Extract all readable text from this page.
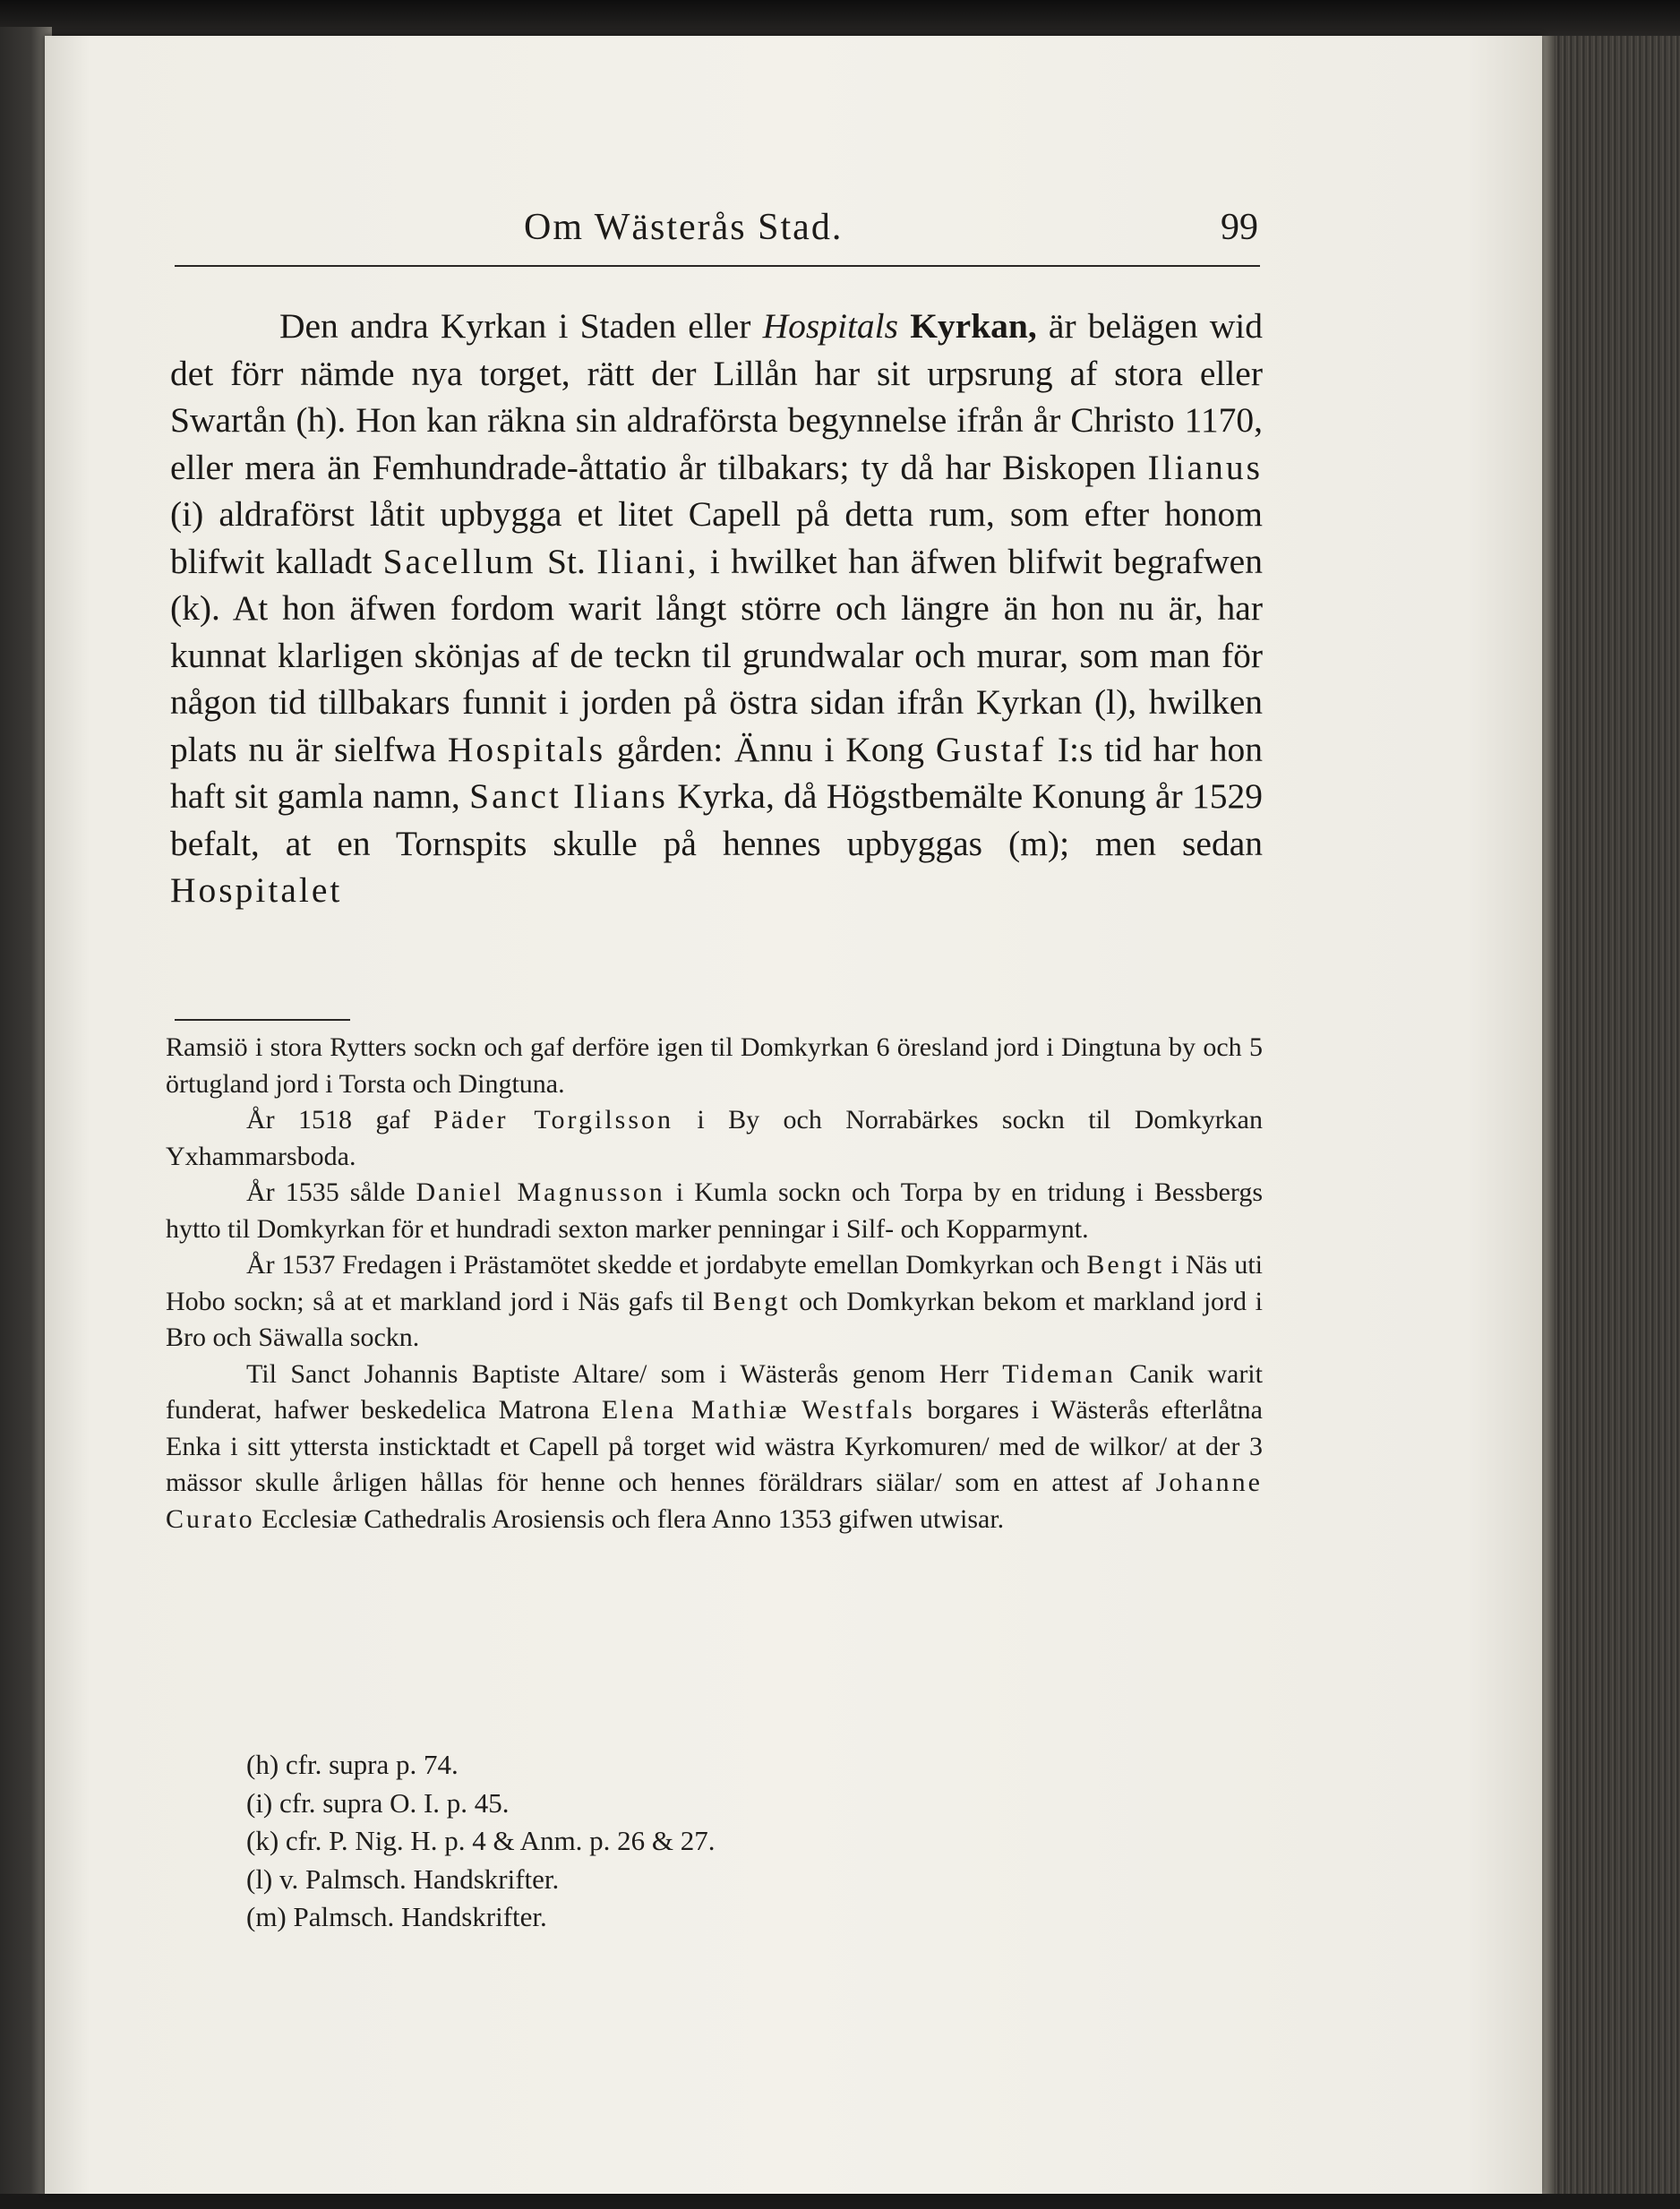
Om Wästerås Stad.	99

Den andra Kyrkan i Staden eller Hospitals Kyrkan, är belägen wid det förr nämde nya torget, rätt der Lillån har sit urpsrung af stora eller Swartån (h). Hon kan räkna sin aldraförsta begynnelse ifrån år Christo 1170, eller mera än Femhundrade-åttatio år tilbakars; ty då har Biskopen Ilianus (i) aldraförst låtit upbygga et litet Capell på detta rum, som efter honom blifwit kalladt Sacellum St. Iliani, i hwilket han äfwen blifwit begrafwen (k). At hon äfwen fordom warit långt större och längre än hon nu är, har kunnat klarligen skönjas af de teckn til grundwalar och murar, som man för någon tid tillbakars funnit i jorden på östra sidan ifrån Kyrkan (l), hwilken plats nu är sielfwa Hospitals gården: Ännu i Kong Gustaf I:s tid har hon haft sit gamla namn, Sanct Ilians Kyrka, då Högstbemälte Konung år 1529 befalt, at en Tornspits skulle på hennes upbyggas (m); men sedan Hospitalet

Ramsiö i stora Rytters sockn och gaf derföre igen til Domkyrkan 6 öresland jord i Dingtuna by och 5 örtugland jord i Torsta och Dingtuna.

År 1518 gaf Päder Torgilsson i By och Norrabärkes sockn til Domkyrkan Yxhammarsboda.

År 1535 sålde Daniel Magnusson i Kumla sockn och Torpa by en tridung i Bessbergs hytto til Domkyrkan för et hundradi sexton marker penningar i Silf- och Kopparmynt.

År 1537 Fredagen i Prästamötet skedde et jordabyte emellan Domkyrkan och Bengt i Näs uti Hobo sockn; så at et markland jord i Näs gafs til Bengt och Domkyrkan bekom et markland jord i Bro och Säwalla sockn.

Til Sanct Johannis Baptiste Altare/ som i Wästerås genom Herr Tideman Canik warit funderat, hafwer beskedelica Matrona Elena Mathiæ Westfals borgares i Wästerås efterlåtna Enka i sitt yttersta insticktadt et Capell på torget wid wästra Kyrkomuren/ med de wilkor/ at der 3 mässor skulle årligen hållas för henne och hennes föräldrars siälar/ som en attest af Johanne Curato Ecclesiæ Cathedralis Arosiensis och flera Anno 1353 gifwen utwisar.

(h) cfr. supra p. 74.
(i) cfr. supra O. I. p. 45.
(k) cfr. P. Nig. H. p. 4 & Anm. p. 26 & 27.
(l) v. Palmsch. Handskrifter.
(m) Palmsch. Handskrifter.
